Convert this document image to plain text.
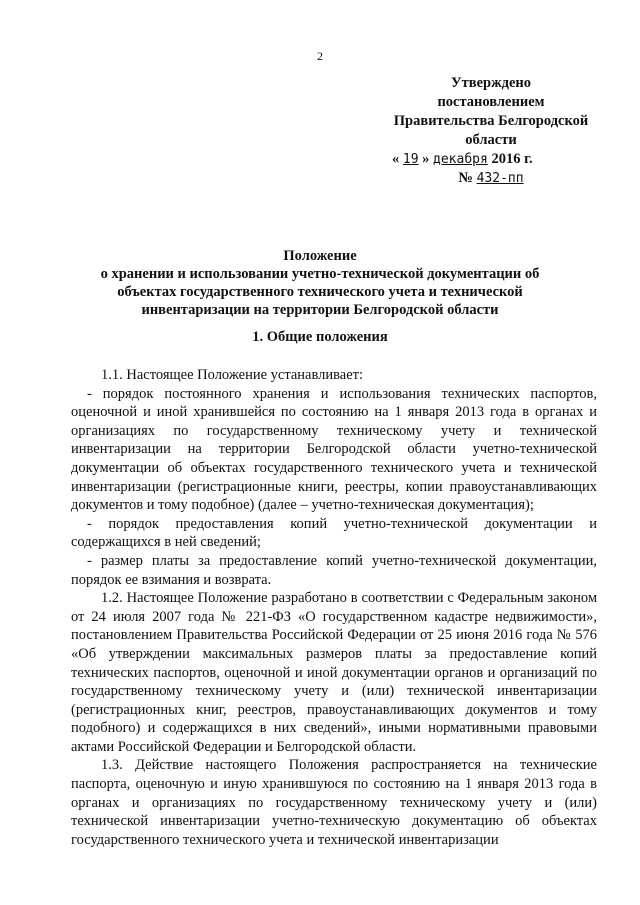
2
Утверждено
постановлением
Правительства Белгородской
области
« 19 » декабря 2016 г.
№ 432-пп
Положение
о хранении и использовании учетно-технической документации об
объектах государственного технического учета и технической
инвентаризации на территории Белгородской области
1. Общие положения

1.1. Настоящее Положение устанавливает:

- порядок постоянного хранения и использования технических паспортов, оценочной и иной хранившейся по состоянию на 1 января 2013 года в органах и организациях по государственному техническому учету и технической инвентаризации на территории Белгородской области учетно-технической документации об объектах государственного технического учета и технической инвентаризации (регистрационные книги, реестры, копии правоустанавливающих документов и тому подобное) (далее – учетно-техническая документация);

- порядок предоставления копий учетно-технической документации и содержащихся в ней сведений;

- размер платы за предоставление копий учетно-технической документации, порядок ее взимания и возврата.

1.2. Настоящее Положение разработано в соответствии с Федеральным законом от 24 июля 2007 года № 221-ФЗ «О государственном кадастре недвижимости», постановлением Правительства Российской Федерации от 25 июня 2016 года № 576 «Об утверждении максимальных размеров платы за предоставление копий технических паспортов, оценочной и иной документации органов и организаций по государственному техническому учету и (или) технической инвентаризации (регистрационных книг, реестров, правоустанавливающих документов и тому подобного) и содержащихся в них сведений», иными нормативными правовыми актами Российской Федерации и Белгородской области.

1.3. Действие настоящего Положения распространяется на технические паспорта, оценочную и иную хранившуюся по состоянию на 1 января 2013 года в органах и организациях по государственному техническому учету и (или) технической инвентаризации учетно-техническую документацию об объектах государственного технического учета и технической инвентаризации
